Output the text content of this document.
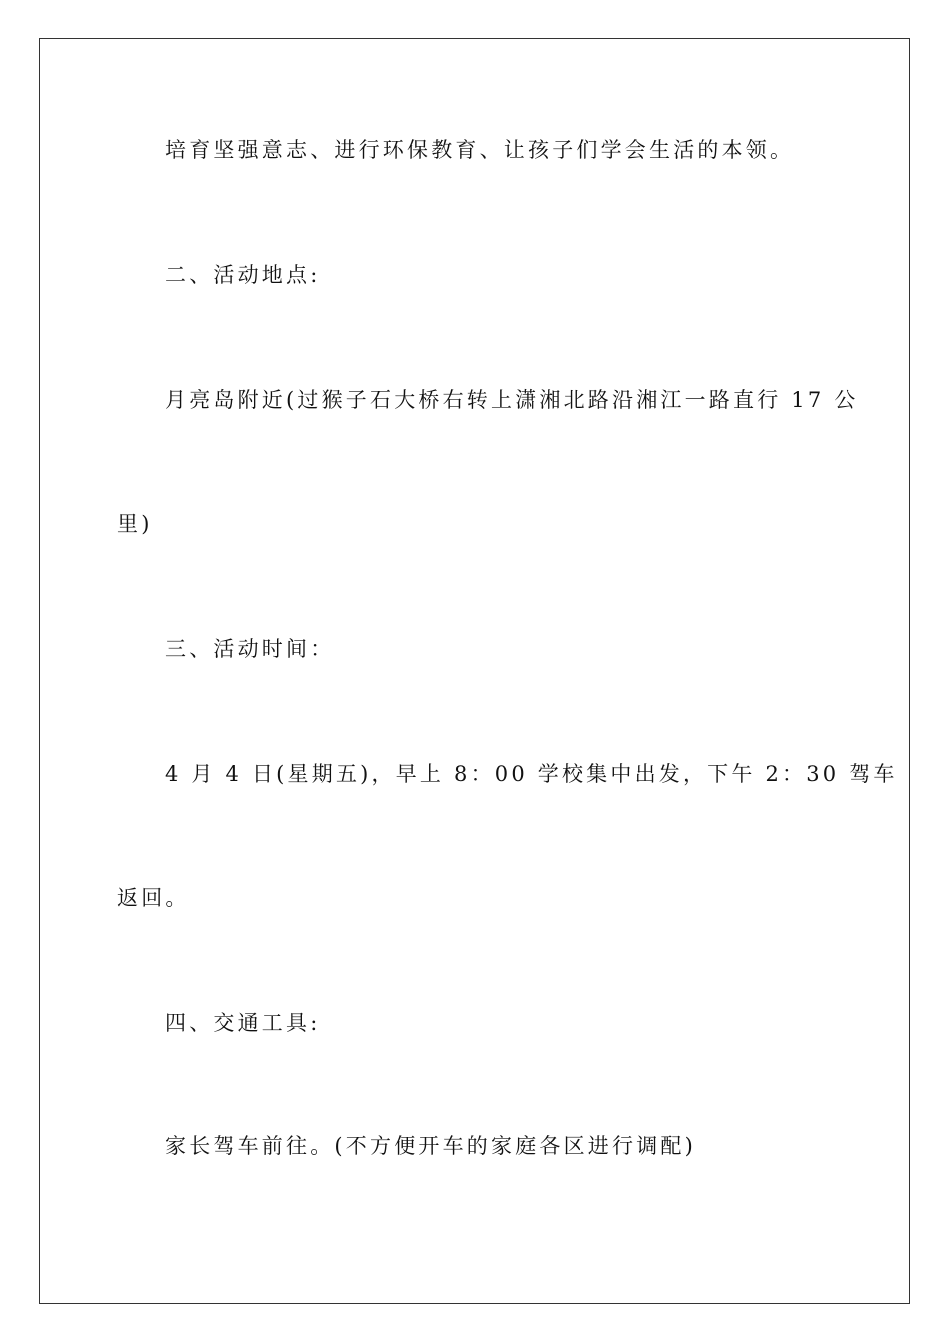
培育坚强意志、进行环保教育、让孩子们学会生活的本领。
二、活动地点:
月亮岛附近(过猴子石大桥右转上潇湘北路沿湘江一路直行 17 公
里)
三、活动时间：
4 月 4 日(星期五)，早上 8：00 学校集中出发，下午 2：30 驾车
返回。
四、交通工具:
家长驾车前往。(不方便开车的家庭各区进行调配)
